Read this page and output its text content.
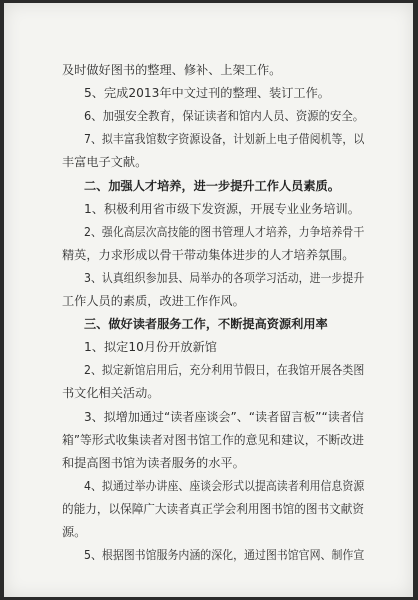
及时做好图书的整理、修补、上架工作。
5、完成2013年中文过刊的整理、装订工作。
6、加强安全教育，保证读者和馆内人员、资源的安全。
7、拟丰富我馆数字资源设备，计划新上电子借阅机等，以
丰富电子文献。
二、加强人才培养，进一步提升工作人员素质。
1、积极利用省市级下发资源，开展专业业务培训。
2、强化高层次高技能的图书管理人才培养，力争培养骨干
精英，力求形成以骨干带动集体进步的人才培养氛围。
3、认真组织参加县、局举办的各项学习活动，进一步提升
工作人员的素质，改进工作作风。
三、做好读者服务工作，不断提高资源利用率
1、拟定10月份开放新馆
2、拟定新馆启用后，充分利用节假日，在我馆开展各类图
书文化相关活动。
3、拟增加通过“读者座谈会”、“读者留言板”“读者信
箱”等形式收集读者对图书馆工作的意见和建议，不断改进
和提高图书馆为读者服务的水平。
4、拟通过举办讲座、座谈会形式以提高读者利用信息资源
的能力，以保障广大读者真正学会利用图书馆的图书文献资
源。
5、根据图书馆服务内涵的深化，通过图书馆官网、制作宣
